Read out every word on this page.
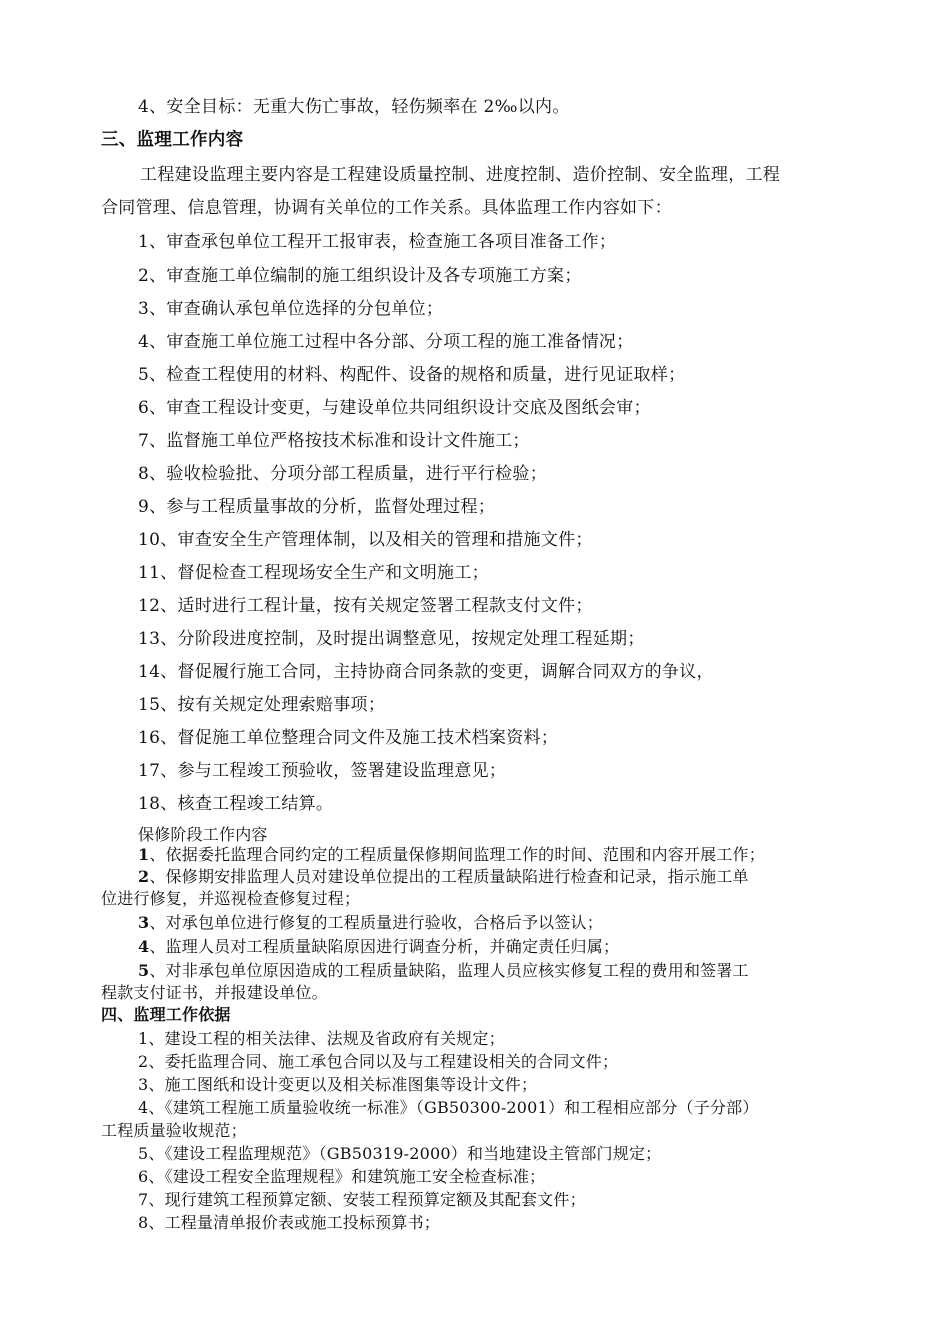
4、安全目标：无重大伤亡事故，轻伤频率在 2‰以内。
三、监理工作内容
工程建设监理主要内容是工程建设质量控制、进度控制、造价控制、安全监理，工程
合同管理、信息管理，协调有关单位的工作关系。具体监理工作内容如下：
1、审查承包单位工程开工报审表，检查施工各项目准备工作；
2、审查施工单位编制的施工组织设计及各专项施工方案；
3、审查确认承包单位选择的分包单位；
4、审查施工单位施工过程中各分部、分项工程的施工准备情况；
5、检查工程使用的材料、构配件、设备的规格和质量，进行见证取样；
6、审查工程设计变更，与建设单位共同组织设计交底及图纸会审；
7、监督施工单位严格按技术标准和设计文件施工；
8、验收检验批、分项分部工程质量，进行平行检验；
9、参与工程质量事故的分析，监督处理过程；
10、审查安全生产管理体制，以及相关的管理和措施文件；
11、督促检查工程现场安全生产和文明施工；
12、适时进行工程计量，按有关规定签署工程款支付文件；
13、分阶段进度控制，及时提出调整意见，按规定处理工程延期；
14、督促履行施工合同，主持协商合同条款的变更，调解合同双方的争议，
15、按有关规定处理索赔事项；
16、督促施工单位整理合同文件及施工技术档案资料；
17、参与工程竣工预验收，签署建设监理意见；
18、核查工程竣工结算。
保修阶段工作内容
1、依据委托监理合同约定的工程质量保修期间监理工作的时间、范围和内容开展工作；
2、保修期安排监理人员对建设单位提出的工程质量缺陷进行检查和记录，指示施工单
位进行修复，并巡视检查修复过程；
3、对承包单位进行修复的工程质量进行验收，合格后予以签认；
4、监理人员对工程质量缺陷原因进行调查分析，并确定责任归属；
5、对非承包单位原因造成的工程质量缺陷，监理人员应核实修复工程的费用和签署工
程款支付证书，并报建设单位。
四、监理工作依据
1、建设工程的相关法律、法规及省政府有关规定；
2、委托监理合同、施工承包合同以及与工程建设相关的合同文件；
3、施工图纸和设计变更以及相关标准图集等设计文件；
4、《建筑工程施工质量验收统一标准》（GB50300-2001）和工程相应部分（子分部）
工程质量验收规范；
5、《建设工程监理规范》（GB50319-2000）和当地建设主管部门规定；
6、《建设工程安全监理规程》和建筑施工安全检查标准；
7、现行建筑工程预算定额、安装工程预算定额及其配套文件；
8、工程量清单报价表或施工投标预算书；
